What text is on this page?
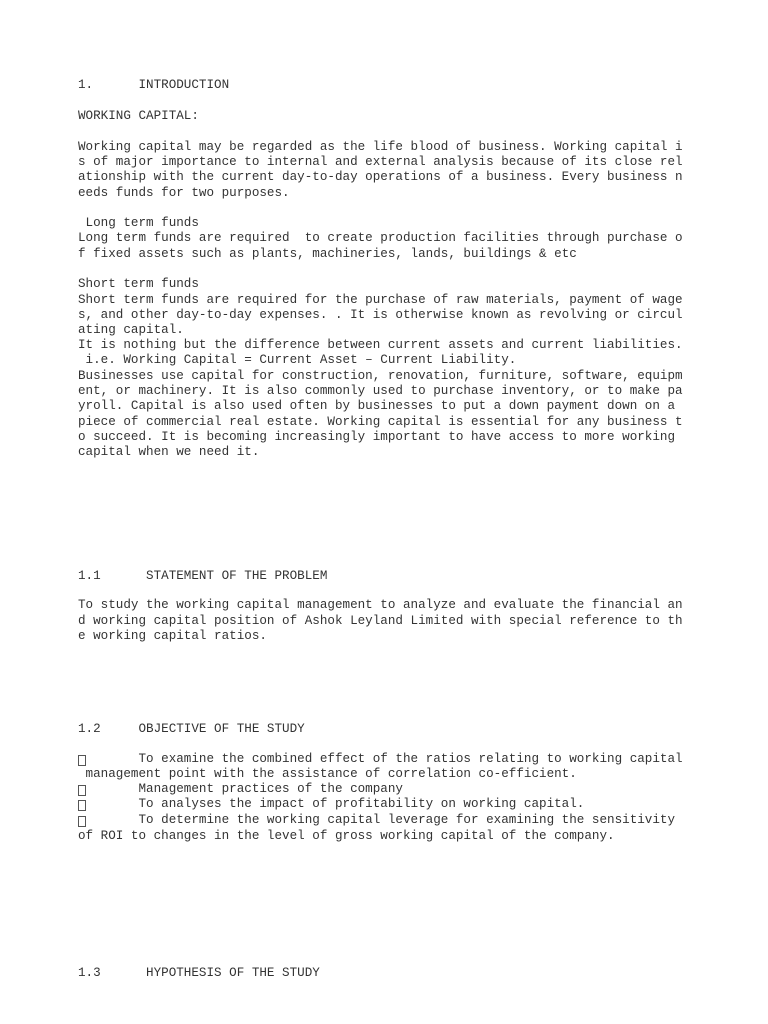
1.      INTRODUCTION
WORKING CAPITAL:
Working capital may be regarded as the life blood of business. Working capital i
s of major importance to internal and external analysis because of its close rel
ationship with the current day-to-day operations of a business. Every business n
eeds funds for two purposes.
Long term funds
Long term funds are required  to create production facilities through purchase o
f fixed assets such as plants, machineries, lands, buildings & etc
Short term funds
Short term funds are required for the purchase of raw materials, payment of wage
s, and other day-to-day expenses. . It is otherwise known as revolving or circul
ating capital.
It is nothing but the difference between current assets and current liabilities.
i.e. Working Capital = Current Asset – Current Liability.
Businesses use capital for construction, renovation, furniture, software, equipm
ent, or machinery. It is also commonly used to purchase inventory, or to make pa
yroll. Capital is also used often by businesses to put a down payment down on a
piece of commercial real estate. Working capital is essential for any business t
o succeed. It is becoming increasingly important to have access to more working
capital when we need it.
1.1      STATEMENT OF THE PROBLEM
To study the working capital management to analyze and evaluate the financial an
d working capital position of Ashok Leyland Limited with special reference to th
e working capital ratios.
1.2     OBJECTIVE OF THE STUDY
To examine the combined effect of the ratios relating to working capital
management point with the assistance of correlation co-efficient.
Management practices of the company
To analyses the impact of profitability on working capital.
To determine the working capital leverage for examining the sensitivity
of ROI to changes in the level of gross working capital of the company.
1.3      HYPOTHESIS OF THE STUDY
